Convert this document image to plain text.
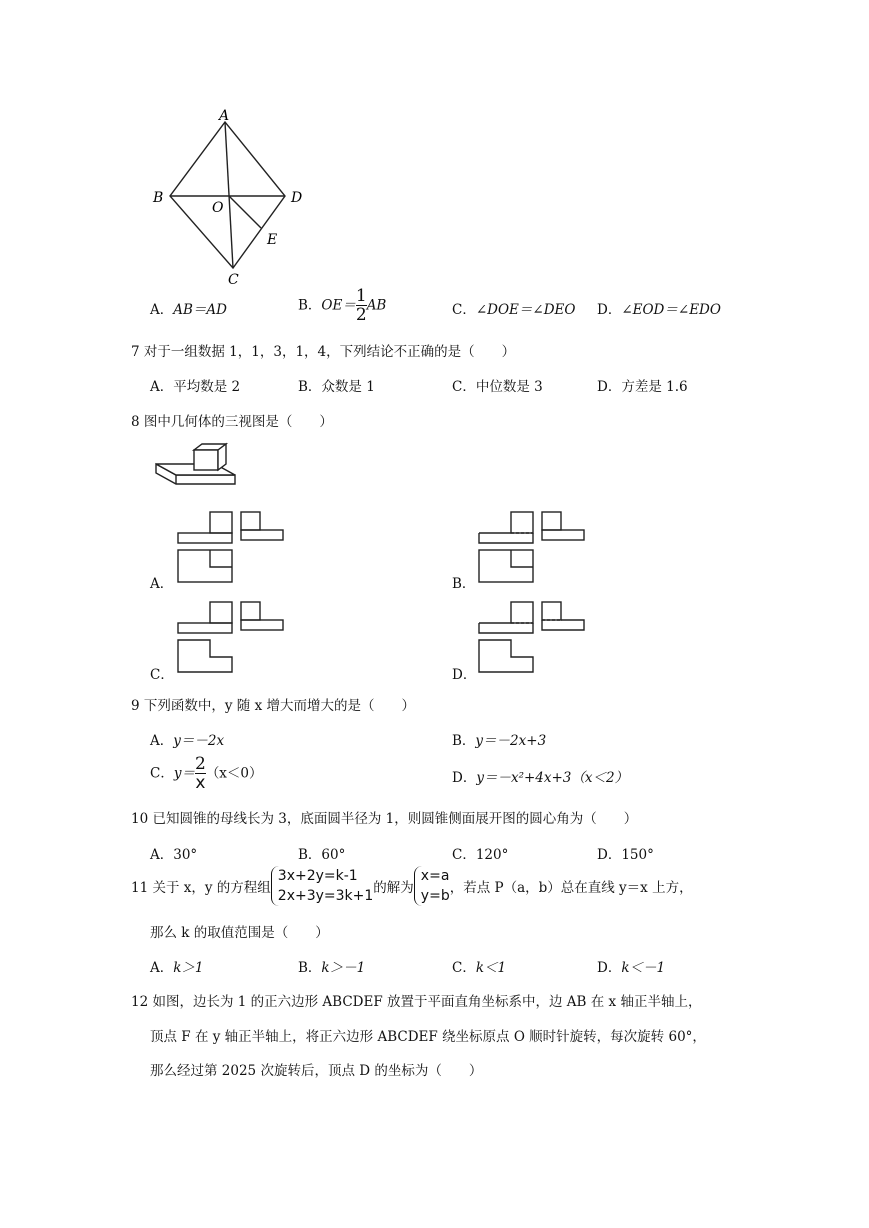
A
B	D
O
E
C
A．AB＝AD	B．$OE= \frac{1}{2}$ AB	C．∠DOE＝∠DEO D．∠EOD＝∠EDO
7 对于一组数据 1，1，3，1，4，下列结论不正确的是（　　）
A．平均数是 2	B．众数是 1	C．中位数是 3	D．方差是 1.6
8 图中几何体的三视图是（　　）
A．	B．
C．	D．
9 下列函数中，y 随 x 增大而增大的是（　　）
A．y＝－2x	B．y＝－2x+3
C．$y= \frac{2}{x} (x<0)$	D．y＝－x²+4x+3（x＜2）
10 已知圆锥的母线长为 3，底面圆半径为 1，则圆锥侧面展开图的圆心角为（　　）
A．30°	B．60°	C．120°	D．150°
11 关于 x，y 的方程组
3x+2y=k-1
2x+3y=3k+1 的解为
x=a
y=b ，若点 P（a，b）总在直线 y＝x 上方，
那么 k 的取值范围是（　　）
A．k＞1	B．k＞－1	C．k＜1	D．k＜－1
12 如图，边长为 1 的正六边形 ABCDEF 放置于平面直角坐标系中，边 AB 在 x 轴正半轴上，
顶点 F 在 y 轴正半轴上，将正六边形 ABCDEF 绕坐标原点 O 顺时针旋转，每次旋转 60°，
那么经过第 2025 次旋转后，顶点 D 的坐标为（　　）
